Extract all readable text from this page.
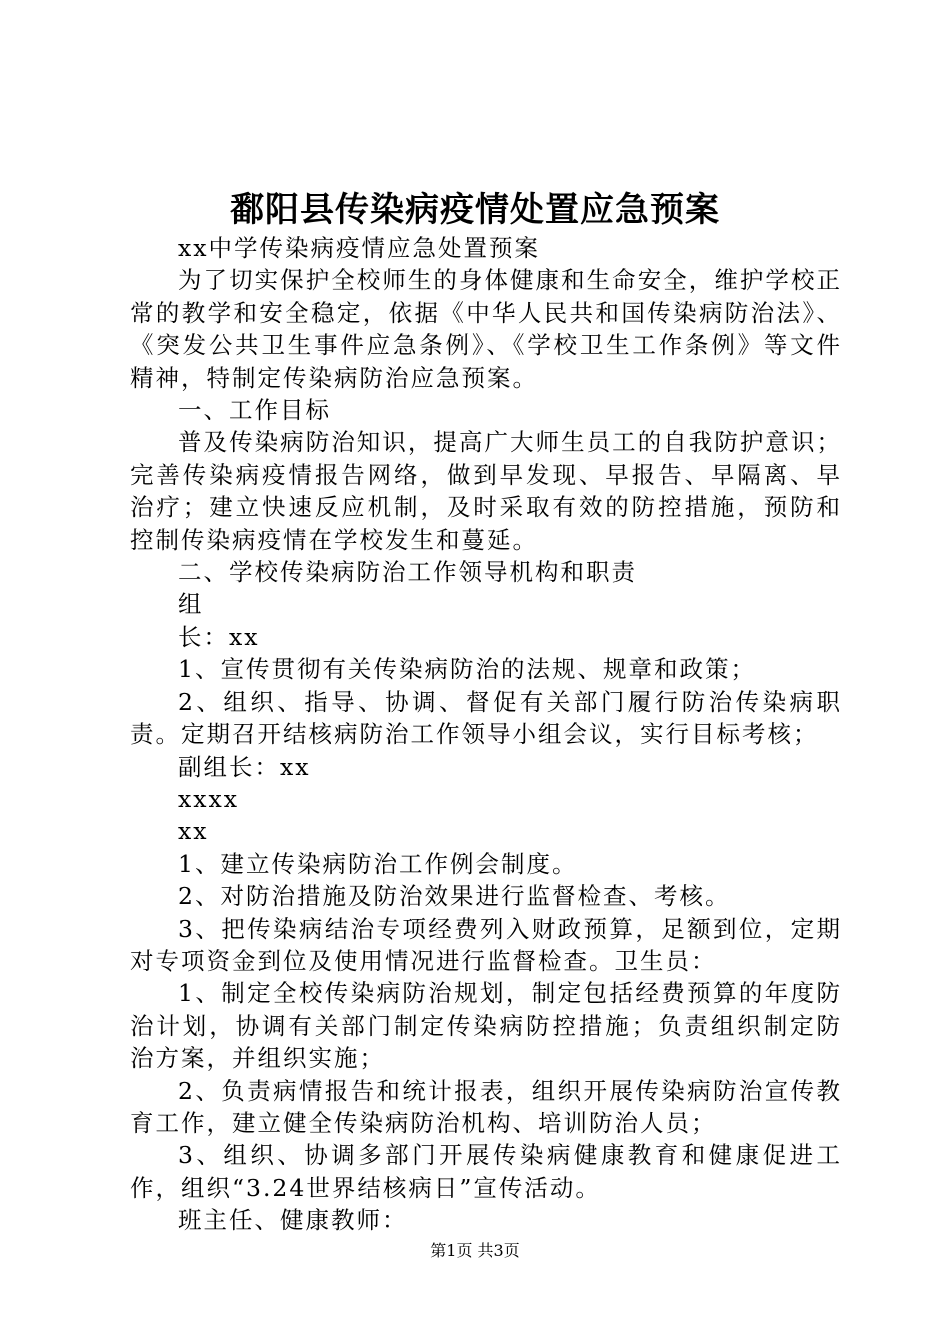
鄱阳县传染病疫情处置应急预案

xx中学传染病疫情应急处置预案

为了切实保护全校师生的身体健康和生命安全，维护学校正常的教学和安全稳定，依据《中华人民共和国传染病防治法》、《突发公共卫生事件应急条例》、《学校卫生工作条例》等文件精神，特制定传染病防治应急预案。

一、工作目标

普及传染病防治知识，提高广大师生员工的自我防护意识；完善传染病疫情报告网络，做到早发现、早报告、早隔离、早治疗；建立快速反应机制，及时采取有效的防控措施，预防和控制传染病疫情在学校发生和蔓延。

二、学校传染病防治工作领导机构和职责

组

长：xx

1、宣传贯彻有关传染病防治的法规、规章和政策；

2、组织、指导、协调、督促有关部门履行防治传染病职责。定期召开结核病防治工作领导小组会议，实行目标考核；

副组长：xx

xxxx

xx

1、建立传染病防治工作例会制度。

2、对防治措施及防治效果进行监督检查、考核。

3、把传染病结治专项经费列入财政预算，足额到位，定期对专项资金到位及使用情况进行监督检查。卫生员：

1、制定全校传染病防治规划，制定包括经费预算的年度防治计划，协调有关部门制定传染病防控措施；负责组织制定防治方案，并组织实施；

2、负责病情报告和统计报表，组织开展传染病防治宣传教育工作，建立健全传染病防治机构、培训防治人员；

3、组织、协调多部门开展传染病健康教育和健康促进工作，组织“3.24世界结核病日”宣传活动。

班主任、健康教师：

第1页 共3页
